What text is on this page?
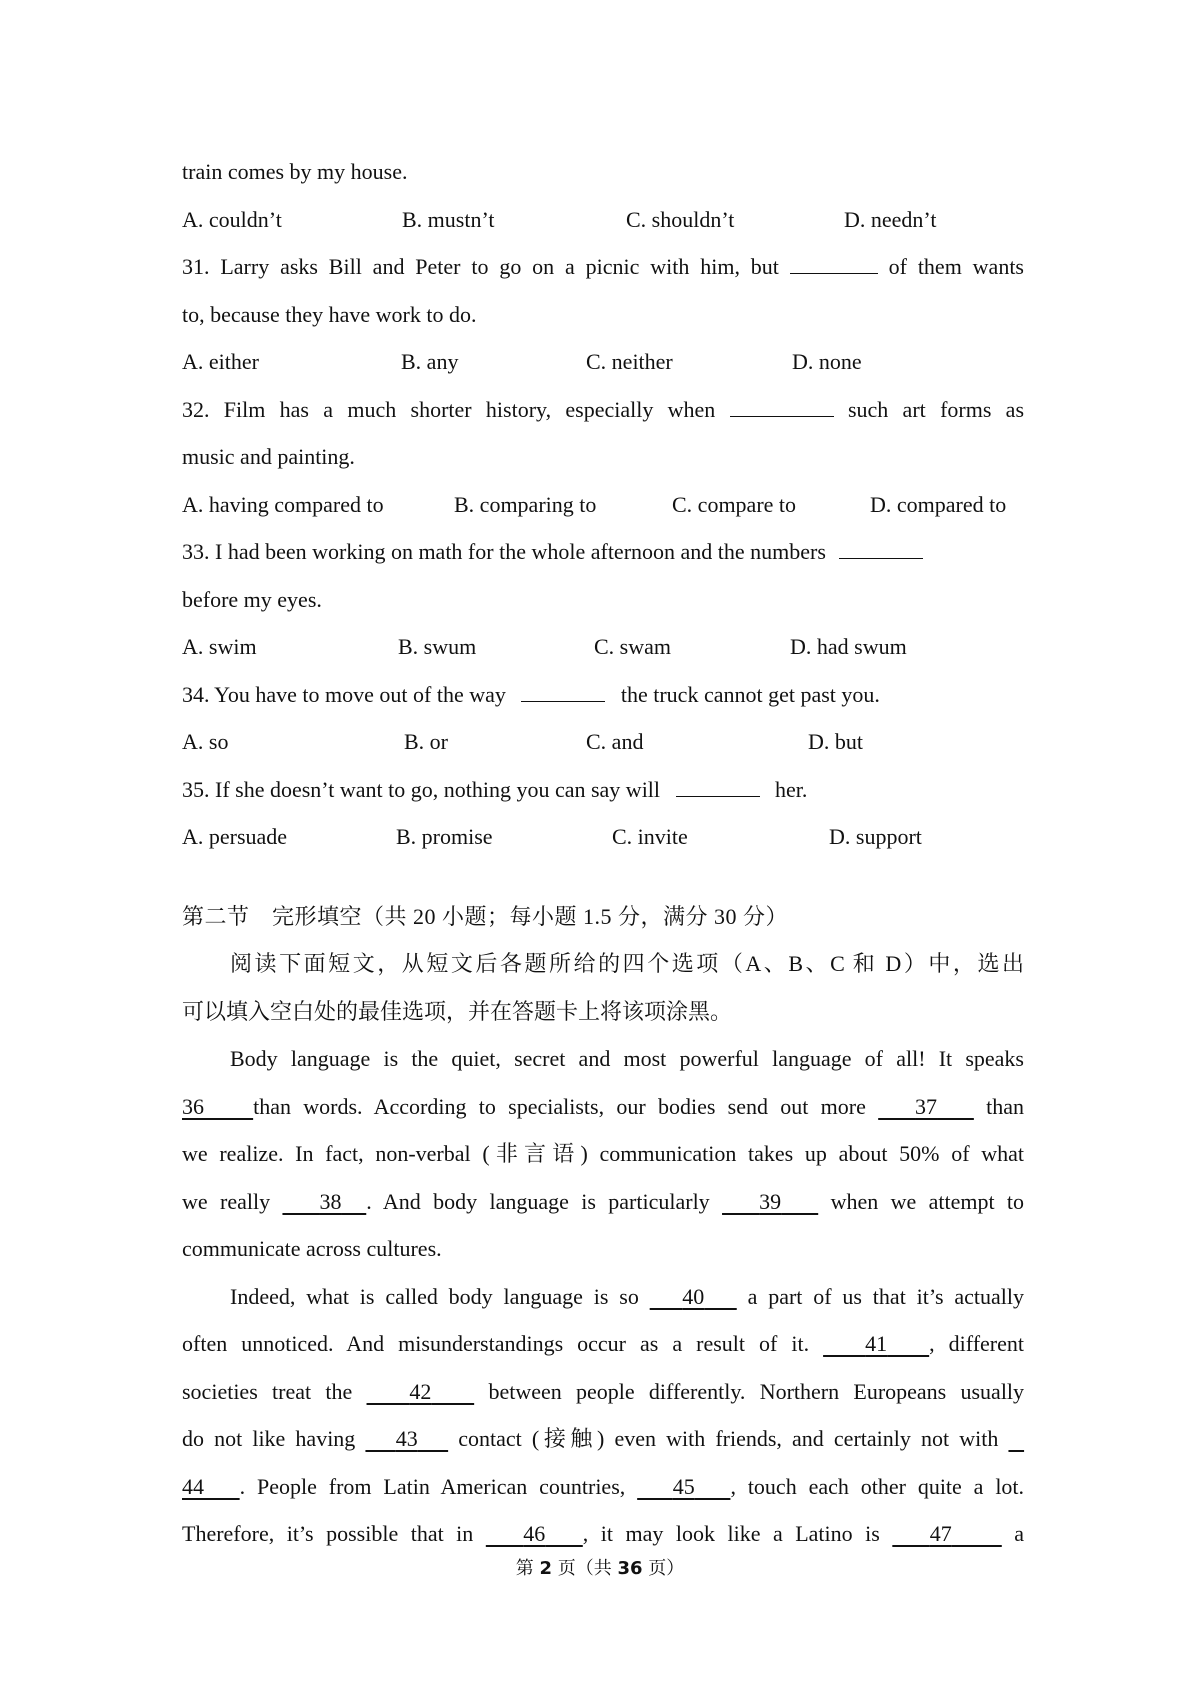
train comes by my house.
A. couldn’t	B. mustn’t	C. shouldn’t	D. needn’t
31. Larry asks Bill and Peter to go on a picnic with him, but	of them wants
to, because they have work to do.
A. either	B. any	C. neither	D. none
32. Film has a much shorter history, especially when	such art forms as
music and painting.
A. having compared to	B. comparing to	C. compare to	D. compared to
33. I had been working on math for the whole afternoon and the numbers
before my eyes.
A. swim	B. swum	C. swam	D. had swum
34. You have to move out of the way	the truck cannot get past you.
A. so	B. or	C. and	D. but
35. If she doesn’t want to go, nothing you can say will	her.
A. persuade	B. promise	C. invite	D. support
第二节　完形填空（共 20 小题；每小题 1.5 分，满分 30 分）
阅读下面短文，从短文后各题所给的四个选项（A、B、C 和 D）中，选出
可以填入空白处的最佳选项，并在答题卡上将该项涂黑。
Body language is the quiet, secret and most powerful language of all! It speaks
36 than words. According to specialists, our bodies send out more 37 than
we realize. In fact, non-verbal (非言语) communication takes up about 50% of what
we really 38 . And body language is particularly 39 when we attempt to
communicate across cultures.
Indeed, what is called body language is so 40 a part of us that it’s actually
often unnoticed. And misunderstandings occur as a result of it.	41 , different
societies treat the	42	between people differently. Northern Europeans usually
do not like having 43 contact (接触) even with friends, and certainly not with
44 . People from Latin American countries, 45 , touch each other quite a lot.
Therefore, it’s possible that in 46 , it may look like a Latino is 47	a
第 2 页（共 36 页）
